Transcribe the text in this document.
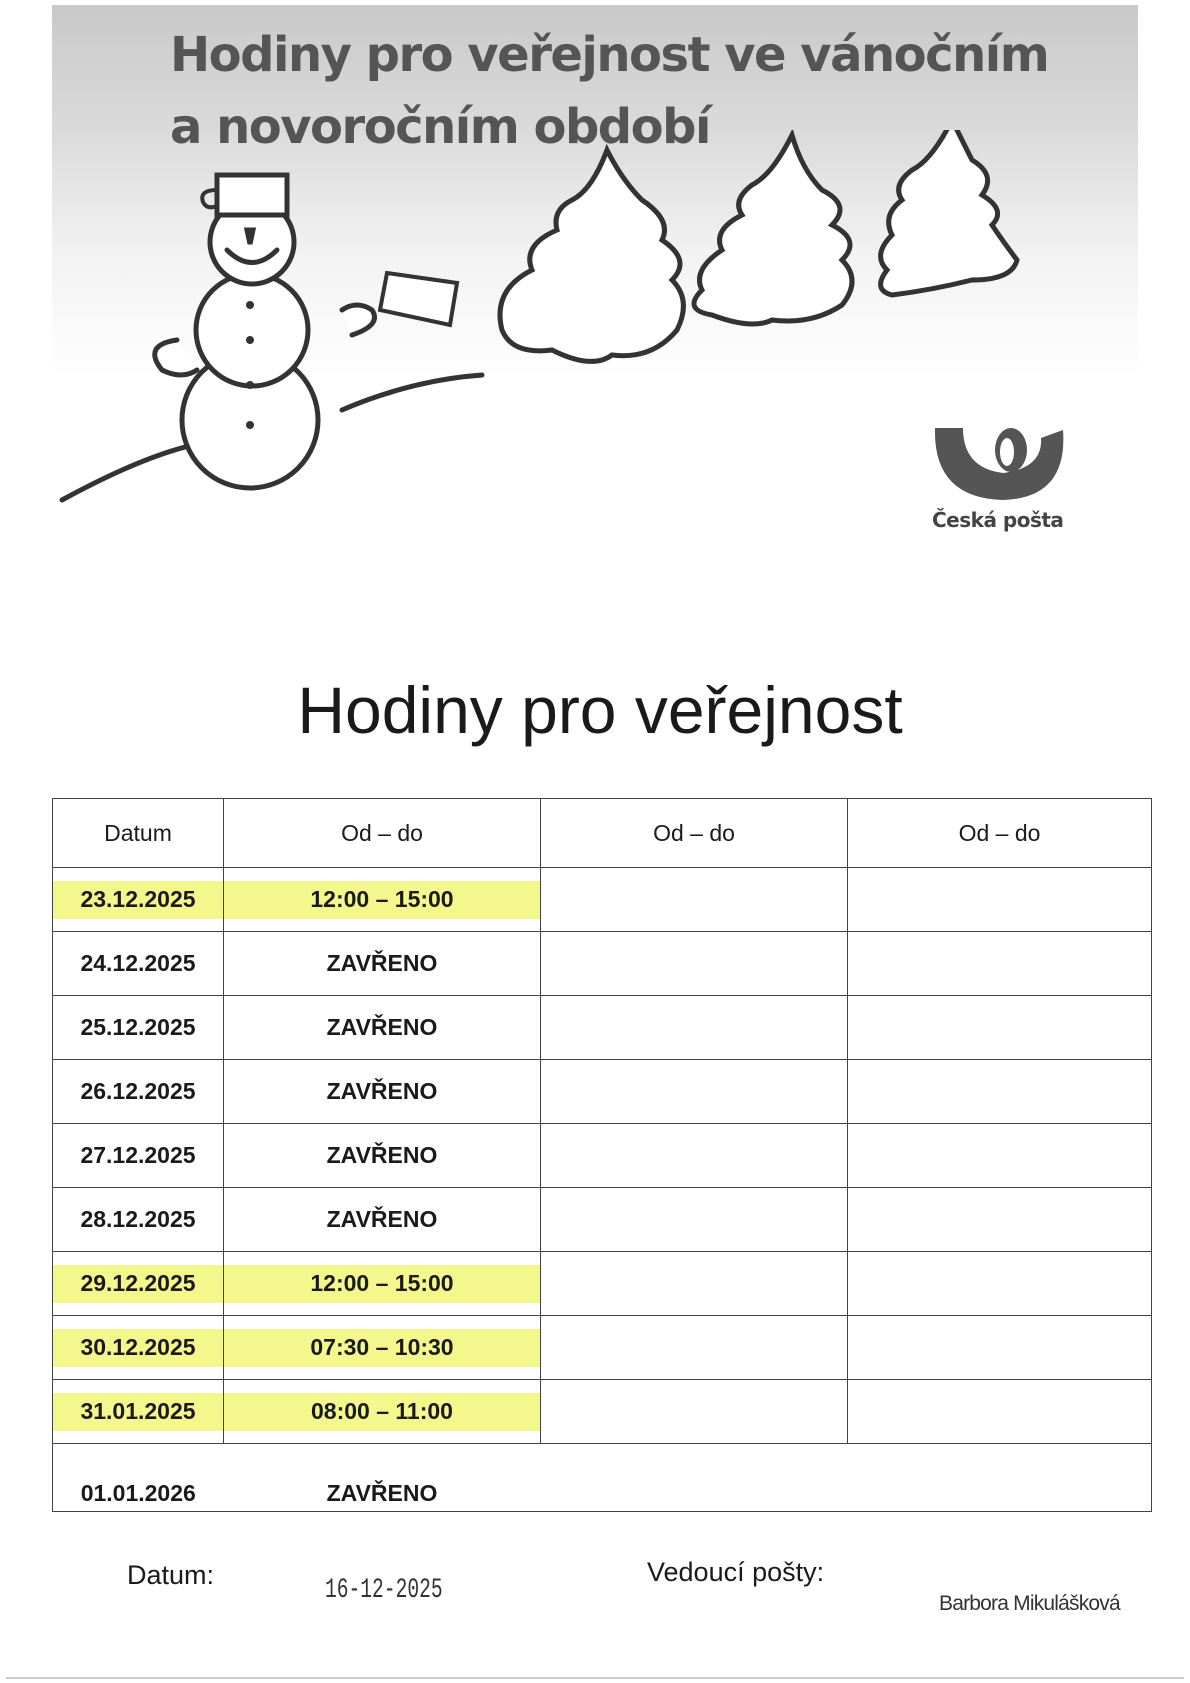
Hodiny pro veřejnost ve vánočním
a novoročním období
Česká pošta
Hodiny pro veřejnost
Datum	Od – do	Od – do	Od – do
23.12.2025	12:00 – 15:00		
24.12.2025	ZAVŘENO		
25.12.2025	ZAVŘENO		
26.12.2025	ZAVŘENO		
27.12.2025	ZAVŘENO		
28.12.2025	ZAVŘENO		
29.12.2025	12:00 – 15:00		
30.12.2025	07:30 – 10:30		
31.01.2025	08:00 – 11:00		
01.01.2026	ZAVŘENO		
Datum:	16-12-2025
Vedoucí pošty:
Barbora Mikulášková
